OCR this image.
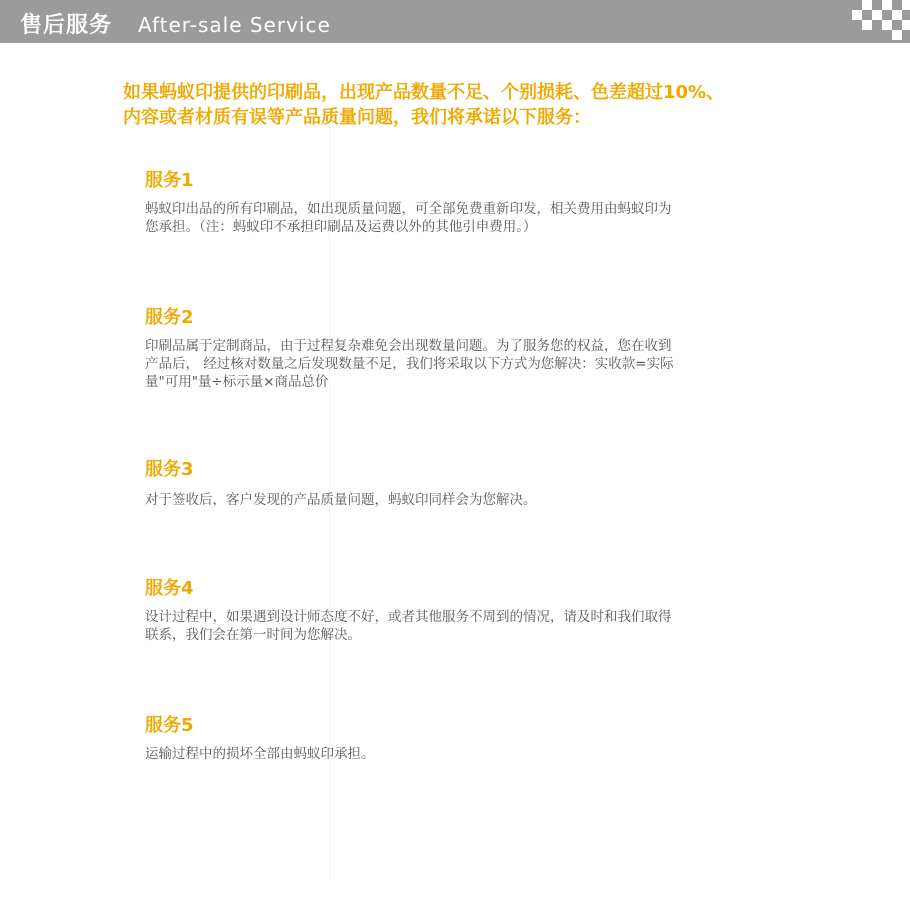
售后服务 After-sale Service
如果蚂蚁印提供的印刷品，出现产品数量不足、个别损耗、色差超过10%、
内容或者材质有误等产品质量问题，我们将承诺以下服务：
服务1
蚂蚁印出品的所有印刷品，如出现质量问题，可全部免费重新印发，相关费用由蚂蚁印为
您承担。（注：蚂蚁印不承担印刷品及运费以外的其他引申费用。）
服务2
印刷品属于定制商品，由于过程复杂难免会出现数量问题。为了服务您的权益，您在收到
产品后， 经过核对数量之后发现数量不足，我们将采取以下方式为您解决：实收款=实际
量"可用"量÷标示量×商品总价
服务3
对于签收后，客户发现的产品质量问题，蚂蚁印同样会为您解决。
服务4
设计过程中，如果遇到设计师态度不好，或者其他服务不周到的情况，请及时和我们取得
联系，我们会在第一时间为您解决。
服务5
运输过程中的损坏全部由蚂蚁印承担。
